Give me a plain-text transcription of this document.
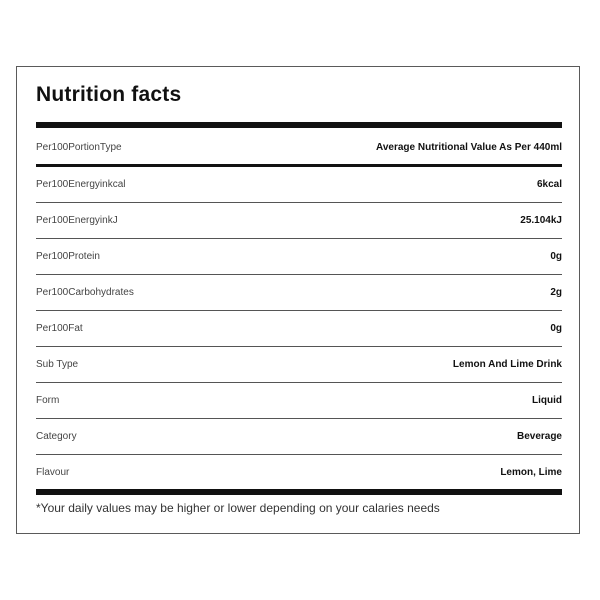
Nutrition facts
Per100PortionType	Average Nutritional Value As Per 440ml
Per100Energyinkcal	6kcal
Per100EnergyinkJ	25.104kJ
Per100Protein	0g
Per100Carbohydrates	2g
Per100Fat	0g
Sub Type	Lemon And Lime Drink
Form	Liquid
Category	Beverage
Flavour	Lemon, Lime
*Your daily values may be higher or lower depending on your calaries needs
